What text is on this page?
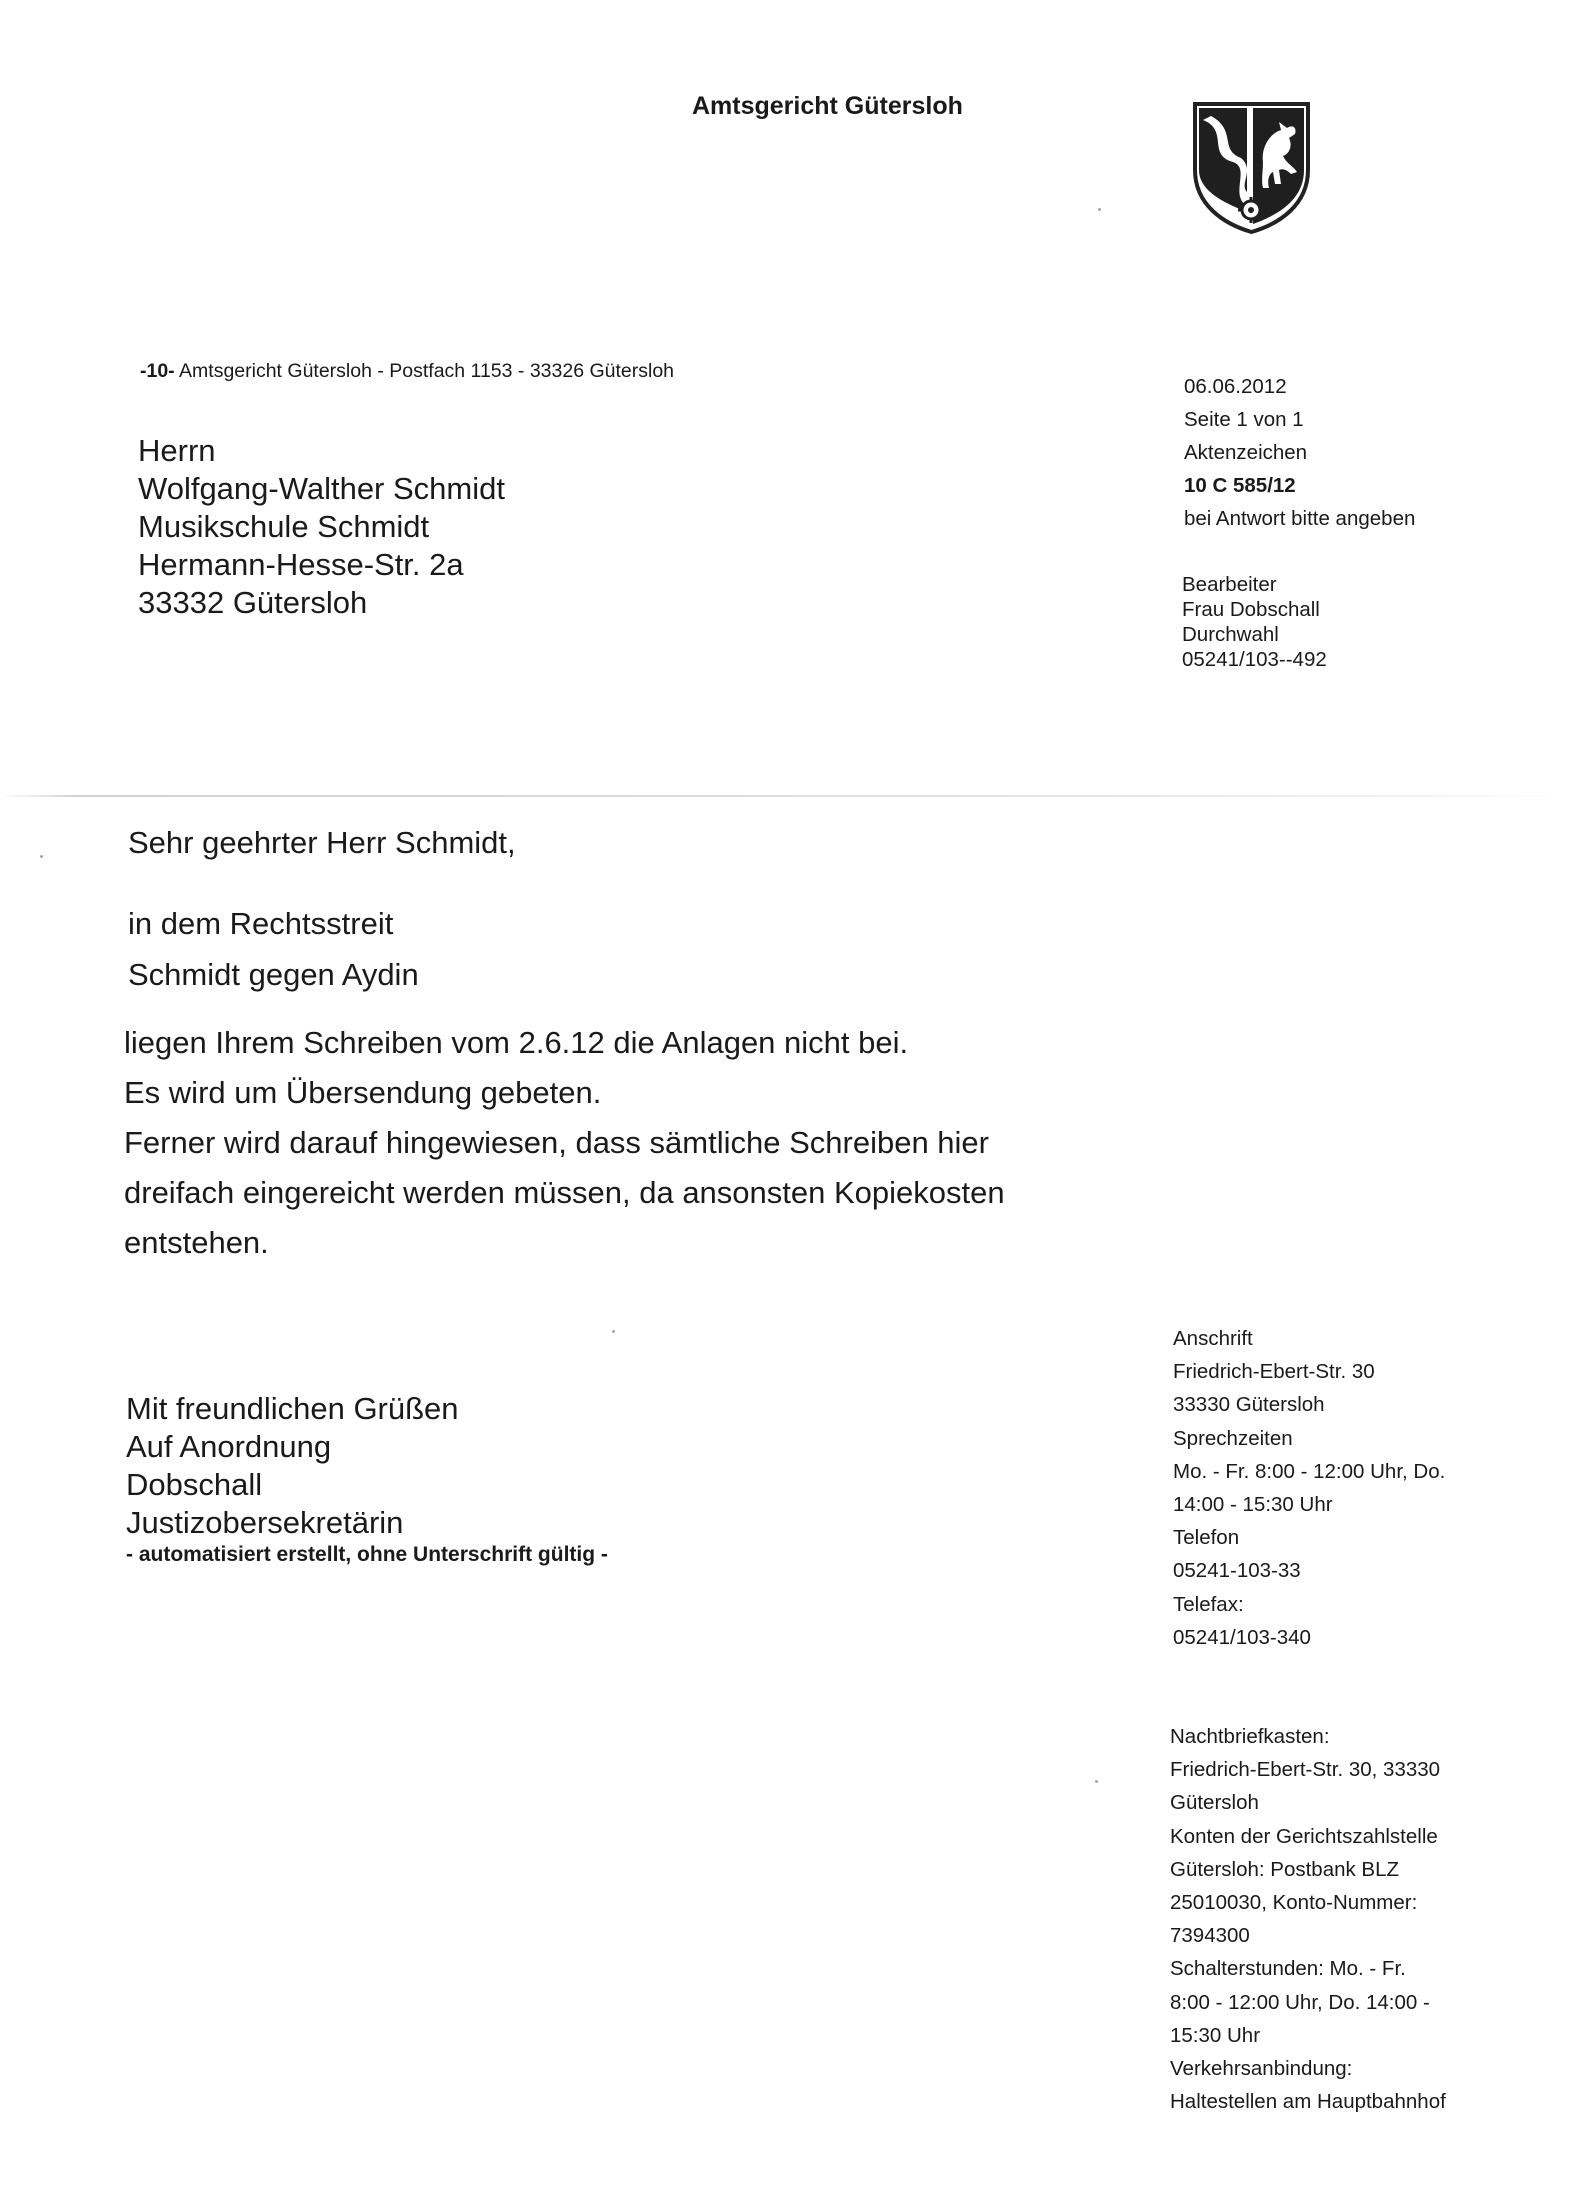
Amtsgericht Gütersloh
-10- Amtsgericht Gütersloh - Postfach 1153 - 33326 Gütersloh
Herrn
Wolfgang-Walther Schmidt
Musikschule Schmidt
Hermann-Hesse-Str. 2a
33332 Gütersloh
06.06.2012
Seite 1 von 1
Aktenzeichen
10 C 585/12
bei Antwort bitte angeben
Bearbeiter
Frau Dobschall
Durchwahl
05241/103--492
Sehr geehrter Herr Schmidt,
in dem Rechtsstreit
Schmidt gegen Aydin
liegen Ihrem Schreiben vom 2.6.12 die Anlagen nicht bei.
Es wird um Übersendung gebeten.
Ferner wird darauf hingewiesen, dass sämtliche Schreiben hier
dreifach eingereicht werden müssen, da ansonsten Kopiekosten
entstehen.
Mit freundlichen Grüßen
Auf Anordnung
Dobschall
Justizobersekretärin
- automatisiert erstellt, ohne Unterschrift gültig -
Anschrift
Friedrich-Ebert-Str. 30
33330 Gütersloh
Sprechzeiten
Mo. - Fr. 8:00 - 12:00 Uhr, Do.
14:00 - 15:30 Uhr
Telefon
05241-103-33
Telefax:
05241/103-340
Nachtbriefkasten:
Friedrich-Ebert-Str. 30, 33330
Gütersloh
Konten der Gerichtszahlstelle
Gütersloh: Postbank BLZ
25010030, Konto-Nummer:
7394300
Schalterstunden: Mo. - Fr.
8:00 - 12:00 Uhr, Do. 14:00 -
15:30 Uhr
Verkehrsanbindung:
Haltestellen am Hauptbahnhof
